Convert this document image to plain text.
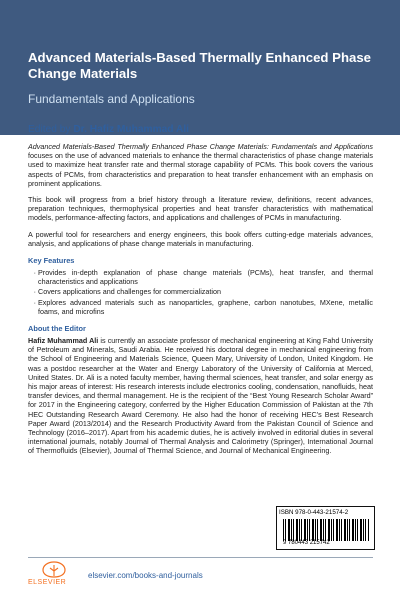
Advanced Materials-Based Thermally Enhanced Phase Change Materials
Fundamentals and Applications
Edited by Dr. Hafiz Muhammad Ali

Advanced Materials-Based Thermally Enhanced Phase Change Materials: Fundamentals and Applications focuses on the use of advanced materials to enhance the thermal characteristics of phase change materials used to maximize heat transfer rate and thermal storage capability of PCMs. This book covers the various aspects of PCMs, from characteristics and preparation to heat transfer enhancement with an emphasis on prominent applications.

This book will progress from a brief history through a literature review, definitions, recent advances, preparation techniques, thermophysical properties and heat transfer characteristics with mathematical models, performance-affecting factors, and applications and challenges of PCMs in manufacturing.

A powerful tool for researchers and energy engineers, this book offers cutting-edge materials advances, analysis, and applications of phase change materials in manufacturing.

Key Features
• Provides in-depth explanation of phase change materials (PCMs), heat transfer, and thermal characteristics and applications
• Covers applications and challenges for commercialization
• Explores advanced materials such as nanoparticles, graphene, carbon nanotubes, MXene, metallic foams, and microfins
About the Editor

Hafiz Muhammad Ali is currently an associate professor of mechanical engineering at King Fahd University of Petroleum and Minerals, Saudi Arabia. He received his doctoral degree in mechanical engineering from the School of Engineering and Materials Science, Queen Mary, University of London, United Kingdom. He was a postdoc researcher at the Water and Energy Laboratory of the University of California at Merced, United States. Dr. Ali is a noted faculty member, having thermal sciences, heat transfer, and solar energy as his major areas of interest: His research interests include electronics cooling, condensation, nanofluids, heat transfer devices, and thermal management. He is the recipient of the “Best Young Research Scholar Award” for 2017 in the Engineering category, conferred by the Higher Education Commission of Pakistan at the 7th HEC Outstanding Research Award Ceremony. He also had the honor of receiving HEC's Best Research Paper Award (2013/2014) and the Research Productivity Award from the Pakistan Council of Science and Technology (2016–2017). Apart from his academic duties, he is actively involved in editorial duties in several international journals, notably Journal of Thermal Analysis and Calorimetry (Springer), International Journal of Thermofluids (Elsevier), Journal of Thermal Science, and Journal of Mechanical Engineering.

ISBN 978-0-443-21574-2
9 780443 215742
ELSEVIER
elsevier.com/books-and-journals
